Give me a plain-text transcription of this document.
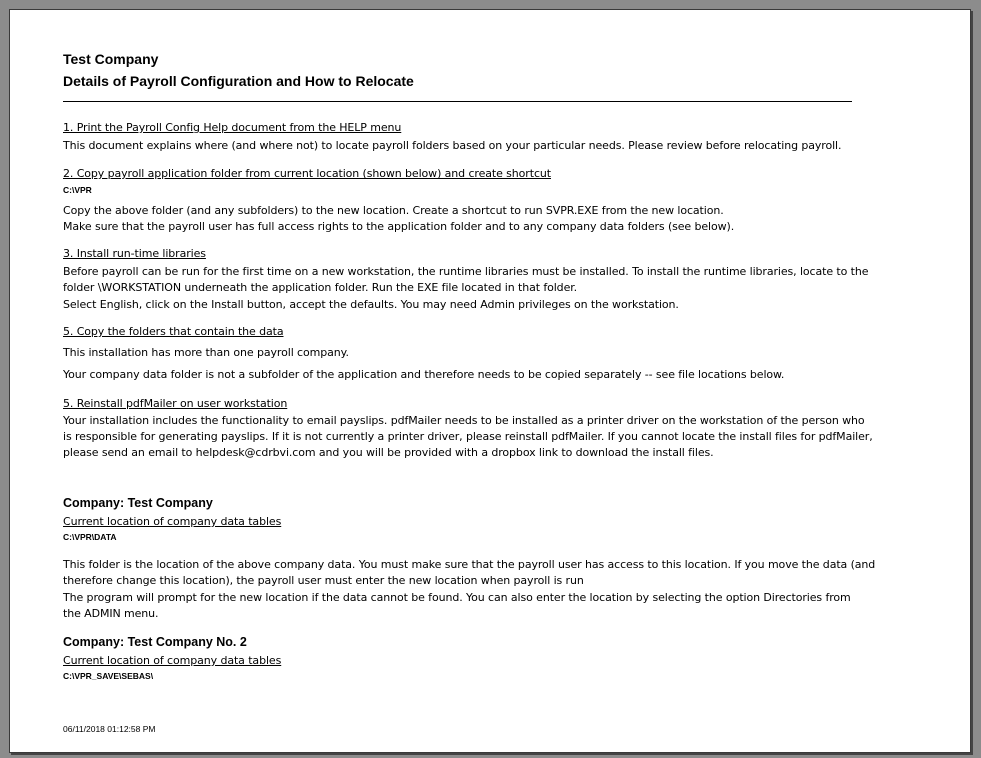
Test Company
Details of Payroll Configuration and How to Relocate
1. Print the Payroll Config Help document from the HELP menu
This document explains where (and where not) to locate payroll folders based on your particular needs. Please review before relocating payroll.
2. Copy payroll application folder from current location (shown below) and create shortcut
C:\VPR
Copy the above folder (and any subfolders) to the new location. Create a shortcut to run SVPR.EXE from the new location.
Make sure that the payroll user has full access rights to the application folder and to any company data folders (see below).
3. Install run-time libraries
Before payroll can be run for the first time on a new workstation, the runtime libraries must be installed. To install the runtime libraries, locate to the
folder \WORKSTATION underneath the application folder. Run the EXE file located in that folder.
Select English, click on the Install button, accept the defaults. You may need Admin privileges on the workstation.
5. Copy the folders that contain the data
This installation has more than one payroll company.
Your company data folder is not a subfolder of the application and therefore needs to be copied separately -- see file locations below.
5. Reinstall pdfMailer on user workstation
Your installation includes the functionality to email payslips. pdfMailer needs to be installed as a printer driver on the workstation of the person who
is responsible for generating payslips. If it is not currently a printer driver, please reinstall pdfMailer. If you cannot locate the install files for pdfMailer,
please send an email to helpdesk@cdrbvi.com and you will be provided with a dropbox link to download the install files.
Company: Test Company
Current location of company data tables
C:\VPR\DATA
This folder is the location of the above company data. You must make sure that the payroll user has access to this location. If you move the data (and
therefore change this location), the payroll user must enter the new location when payroll is run
The program will prompt for the new location if the data cannot be found. You can also enter the location by selecting the option Directories from
the ADMIN menu.
Company: Test Company No. 2
Current location of company data tables
C:\VPR_SAVE\SEBAS\
06/11/2018 01:12:58 PM
